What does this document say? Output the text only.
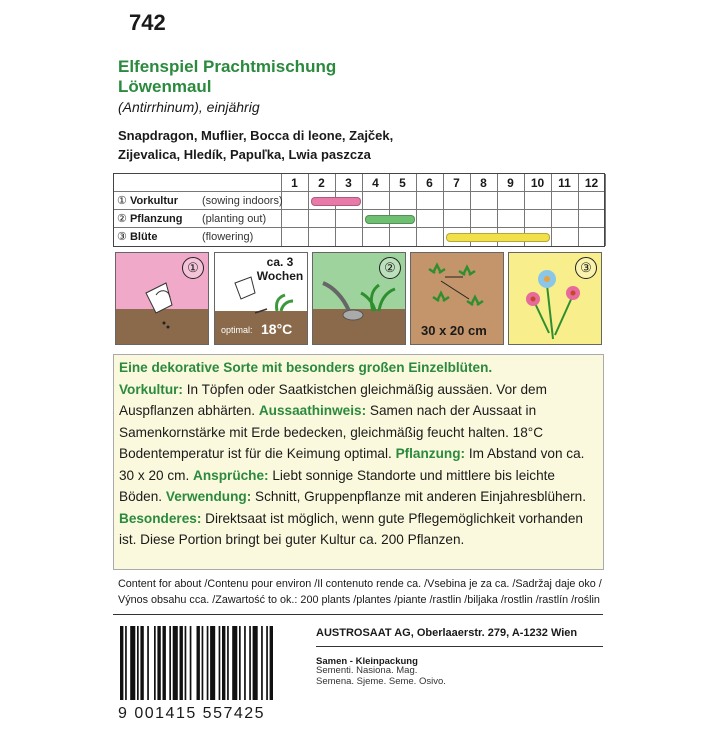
742
Elfenspiel Prachtmischung
Löwenmaul
(Antirrhinum), einjährig
Snapdragon, Muflier, Bocca di leone, Zajček,
Zijevalica, Hledík, Papuľka, Lwia paszcza
1	2	3	4	5	6	7	8	9	10	11	12
① Vorkultur (sowing indoors)
② Pflanzung (planting out)
③ Blüte	(flowering)
①	ca. 3
Wochen
optimal: 18°C
②
30 x 20 cm
③

Eine dekorative Sorte mit besonders großen Einzelblüten.
Vorkultur: In Töpfen oder Saatkistchen gleichmäßig aussäen. Vor dem Auspflanzen abhärten. Aussaathinweis: Samen nach der Aussaat in Samenkornstärke mit Erde bedecken, gleichmäßig feucht halten. 18°C Bodentemperatur ist für die Keimung optimal. Pflanzung: Im Abstand von ca. 30 x 20 cm. Ansprüche: Liebt sonnige Standorte und mittlere bis leichte Böden. Verwendung: Schnitt, Gruppenpflanze mit anderen Einjahresblühern.
Besonderes: Direktsaat ist möglich, wenn gute Pflegemöglichkeit vorhanden ist. Diese Portion bringt bei guter Kultur ca. 200 Pflanzen.

Content for about /Contenu pour environ /Il contenuto rende ca. /Vsebina je za ca. /Sadržaj daje oko /
Výnos obsahu cca. /Zawartość to ok.: 200 plants /plantes /piante /rastlin /biljaka /rostlin /rastlín /roślin
9 001415 557425
AUSTROSAAT AG, Oberlaaerstr. 279, A-1232 Wien
Samen - Kleinpackung
Sementi. Nasiona. Mag.
Semena. Sjeme. Seme. Osivo.
